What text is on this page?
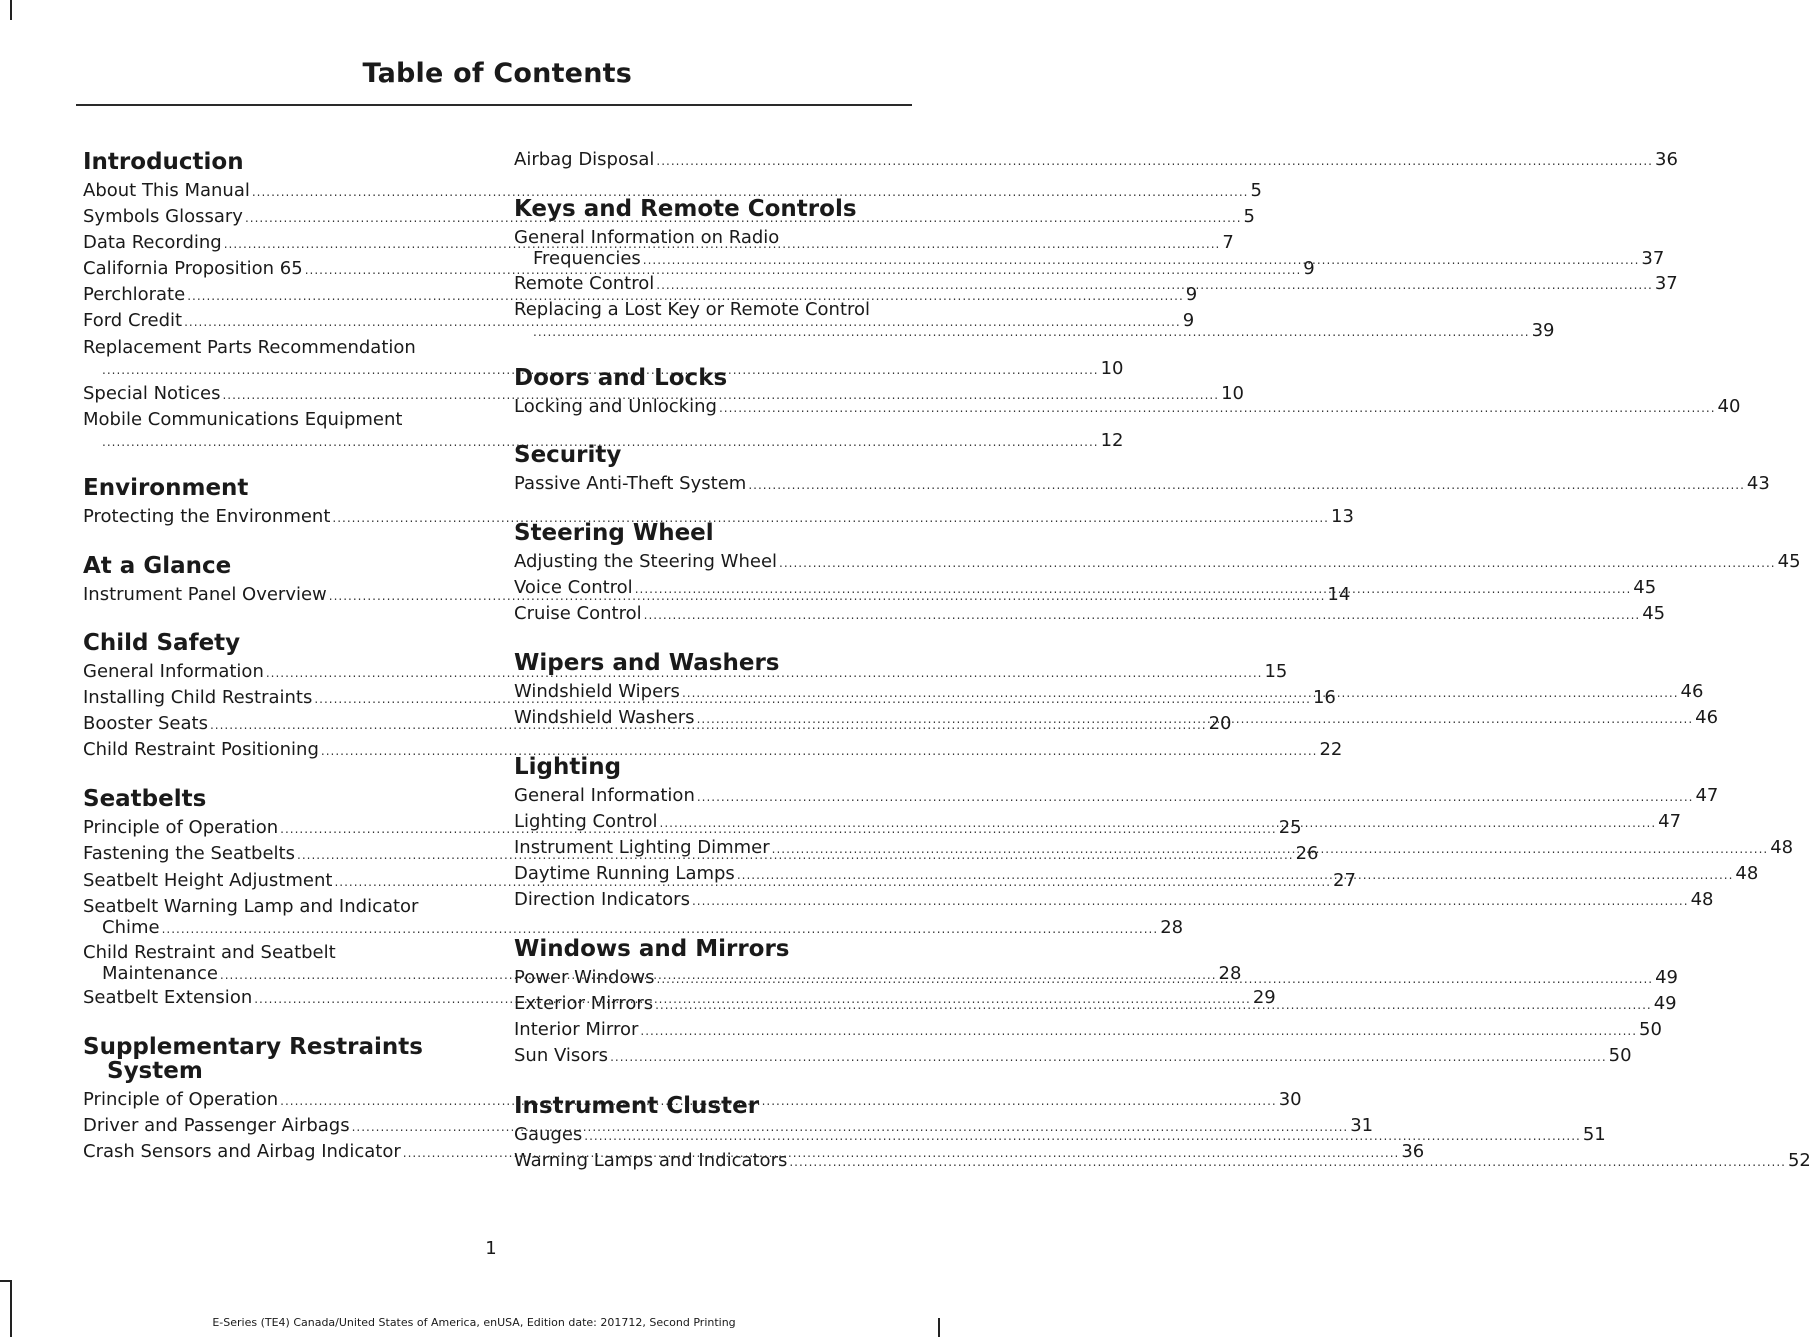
Table of Contents
Introduction
About This Manual .....	5
Symbols Glossary .....	5
Data Recording .....	7
California Proposition 65 .....	9
Perchlorate .....	9
Ford Credit .....	9
Replacement Parts Recommendation
.....10
Special Notices .....	10
Mobile Communications Equipment
.....12
Environment
Protecting the Environment .....	13
At a Glance
Instrument Panel Overview .....	14
Child Safety
General Information .....	15
Installing Child Restraints .....	16
Booster Seats .....	20
Child Restraint Positioning .....	22
Seatbelts
Principle of Operation .....	25
Fastening the Seatbelts .....	26
Seatbelt Height Adjustment .....	27
Seatbelt Warning Lamp and Indicator
Chime .....	28
Child Restraint and Seatbelt
Maintenance .....	28
Seatbelt Extension .....	29
Supplementary Restraints
System
Principle of Operation .....	30
Driver and Passenger Airbags .....	31
Crash Sensors and Airbag Indicator .....	36
Airbag Disposal .....	36
Keys and Remote Controls
General Information on Radio
Frequencies .....	37
Remote Control .....	37
Replacing a Lost Key or Remote Control
.....39
Doors and Locks
Locking and Unlocking .....	40
Security
Passive Anti-Theft System .....	43
Steering Wheel
Adjusting the Steering Wheel .....	45
Voice Control .....	45
Cruise Control .....	45
Wipers and Washers
Windshield Wipers .....	46
Windshield Washers .....	46
Lighting
General Information .....	47
Lighting Control .....	47
Instrument Lighting Dimmer .....	48
Daytime Running Lamps .....	48
Direction Indicators .....	48
Windows and Mirrors
Power Windows .....	49
Exterior Mirrors .....	49
Interior Mirror .....	50
Sun Visors .....	50
Instrument Cluster
Gauges .....	51
Warning Lamps and Indicators .....	52
1
E-Series (TE4) Canada/United States of America, enUSA, Edition date: 201712, Second Printing
